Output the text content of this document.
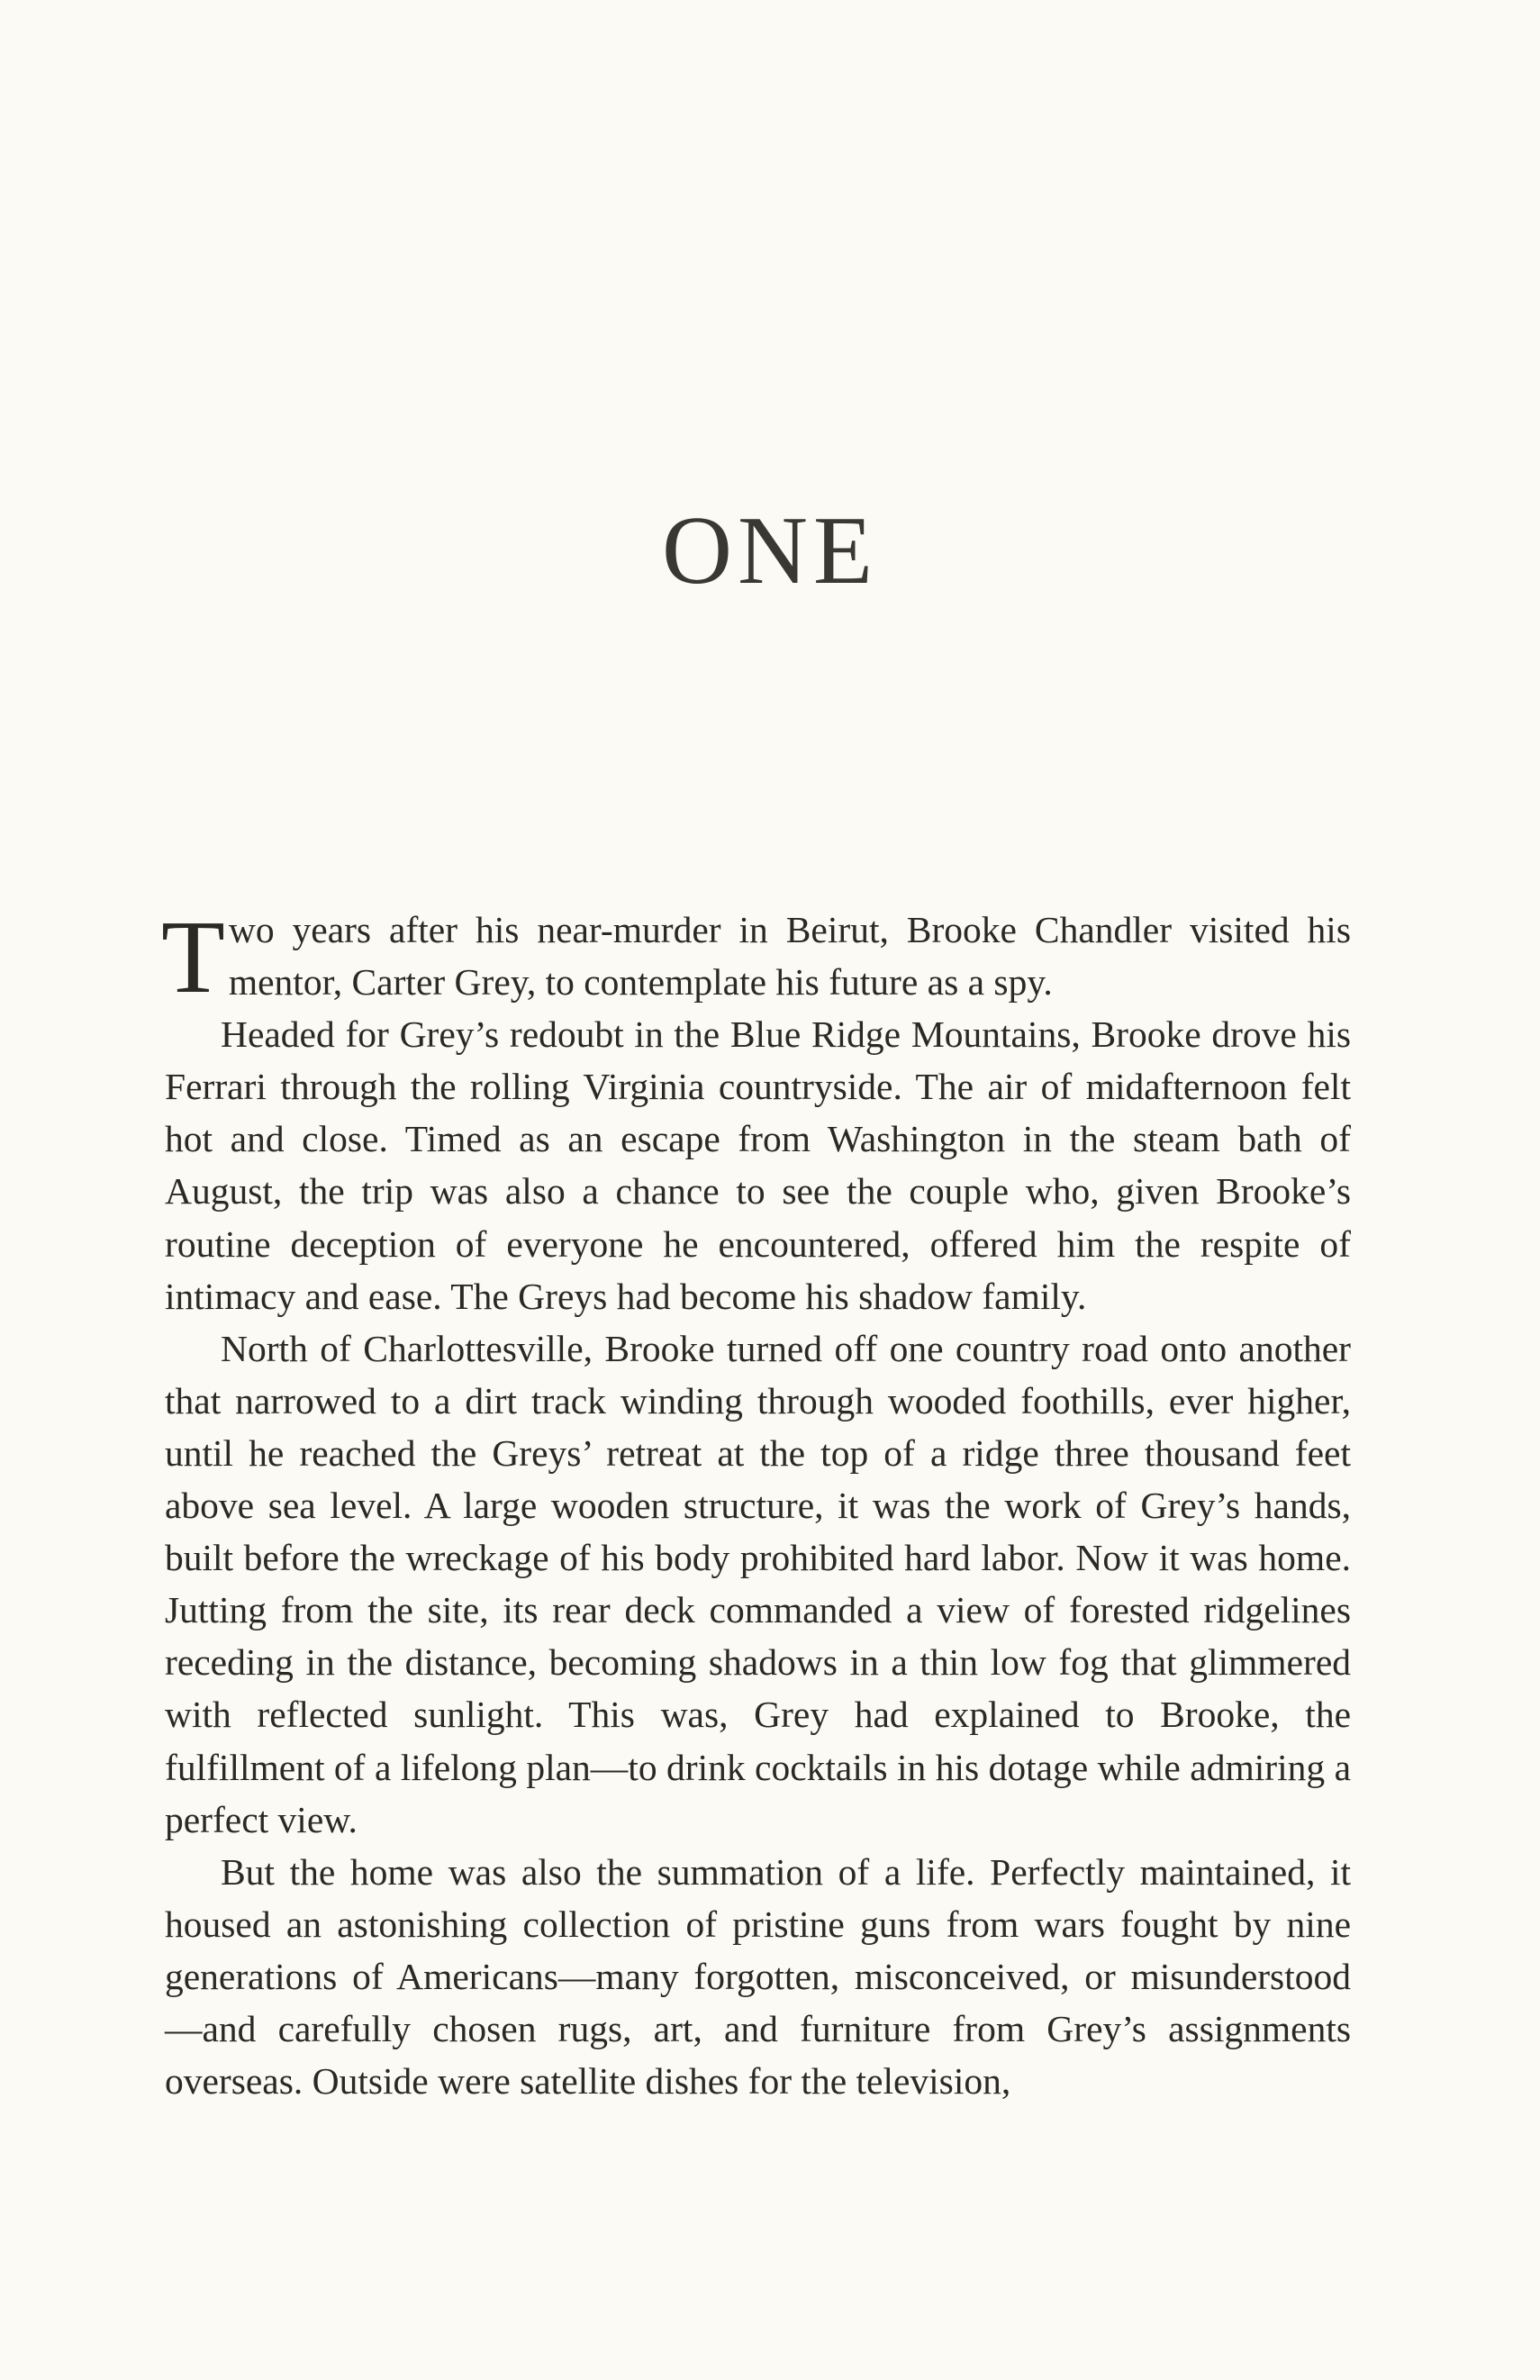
ONE

Two years after his near-murder in Beirut, Brooke Chandler visited his mentor, Carter Grey, to contemplate his future as a spy.

Headed for Grey’s redoubt in the Blue Ridge Mountains, Brooke drove his Ferrari through the rolling Virginia countryside. The air of midafternoon felt hot and close. Timed as an escape from Washington in the steam bath of August, the trip was also a chance to see the couple who, given Brooke’s routine deception of everyone he encountered, offered him the respite of intimacy and ease. The Greys had become his shadow family.

North of Charlottesville, Brooke turned off one country road onto another that narrowed to a dirt track winding through wooded foothills, ever higher, until he reached the Greys’ retreat at the top of a ridge three thousand feet above sea level. A large wooden structure, it was the work of Grey’s hands, built before the wreckage of his body prohibited hard labor. Now it was home. Jutting from the site, its rear deck commanded a view of forested ridgelines receding in the distance, becoming shadows in a thin low fog that glimmered with reflected sunlight. This was, Grey had explained to Brooke, the fulfillment of a lifelong plan—to drink cocktails in his dotage while admiring a perfect view.

But the home was also the summation of a life. Perfectly maintained, it housed an astonishing collection of pristine guns from wars fought by nine generations of Americans—many forgotten, misconceived, or misunderstood—and carefully chosen rugs, art, and furniture from Grey’s assignments overseas. Outside were satellite dishes for the television,
